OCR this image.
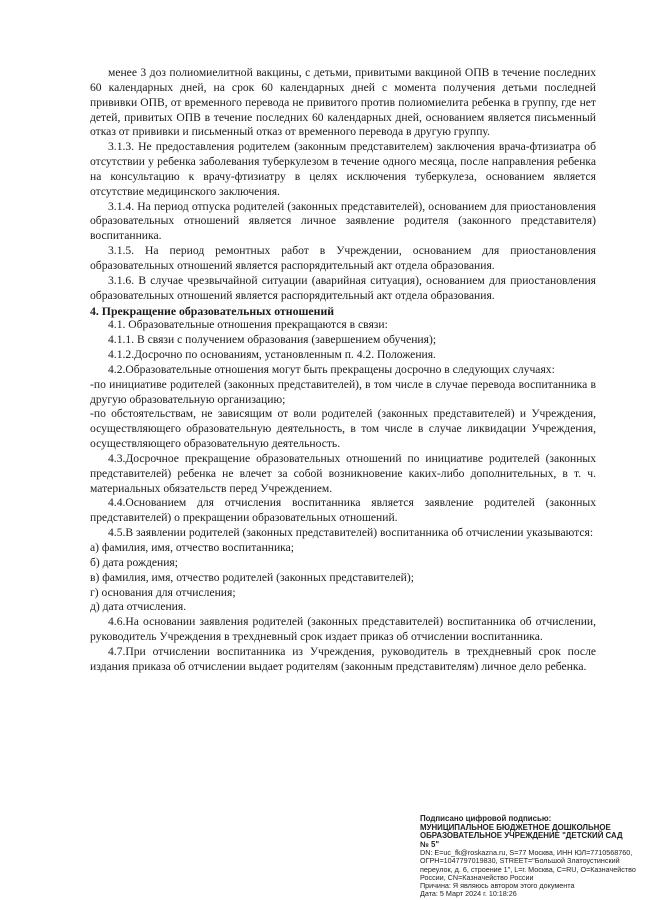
менее 3 доз полиомиелитной вакцины, с детьми, привитыми вакциной ОПВ в течение последних 60 календарных дней, на срок 60 календарных дней с момента получения детьми последней прививки ОПВ, от временного перевода не привитого против полиомиелита ребенка в группу, где нет детей, привитых ОПВ в течение последних 60 календарных дней, основанием является письменный отказ от прививки и письменный отказ от временного перевода в другую группу.

3.1.3. Не предоставления родителем (законным представителем) заключения врача-фтизиатра об отсутствии у ребенка заболевания туберкулезом в течение одного месяца, после направления ребенка на консультацию к врачу-фтизиатру в целях исключения туберкулеза, основанием является отсутствие медицинского заключения.

3.1.4. На период отпуска родителей (законных представителей), основанием для приостановления образовательных отношений является личное заявление родителя (законного представителя) воспитанника.

3.1.5. На период ремонтных работ в Учреждении, основанием для приостановления образовательных отношений является распорядительный акт отдела образования.

3.1.6. В случае чрезвычайной ситуации (аварийная ситуация), основанием для приостановления образовательных отношений является распорядительный акт отдела образования.

4. Прекращение образовательных отношений

4.1. Образовательные отношения прекращаются в связи:

4.1.1. В связи с получением образования (завершением обучения);

4.1.2.Досрочно по основаниям, установленным п. 4.2. Положения.

4.2.Образовательные отношения могут быть прекращены досрочно в следующих случаях:

-по инициативе родителей (законных представителей), в том числе в случае перевода воспитанника в другую образовательную организацию;

-по обстоятельствам, не зависящим от воли родителей (законных представителей) и Учреждения, осуществляющего образовательную деятельность, в том числе в случае ликвидации Учреждения, осуществляющего образовательную деятельность.

4.3.Досрочное прекращение образовательных отношений по инициативе родителей (законных представителей) ребенка не влечет за собой возникновение каких-либо дополнительных, в т. ч. материальных обязательств перед Учреждением.

4.4.Основанием для отчисления воспитанника является заявление родителей (законных представителей) о прекращении образовательных отношений.

4.5.В заявлении родителей (законных представителей) воспитанника об отчислении указываются:

а) фамилия, имя, отчество воспитанника;

б) дата рождения;

в) фамилия, имя, отчество родителей (законных представителей);

г) основания для отчисления;

д) дата отчисления.

4.6.На основании заявления родителей (законных представителей) воспитанника об отчислении, руководитель Учреждения в трехдневный срок издает приказ об отчислении воспитанника.

4.7.При отчислении воспитанника из Учреждения, руководитель в трехдневный срок после издания приказа об отчислении выдает родителям (законным представителям) личное дело ребенка.

Подписано цифровой подписью:
МУНИЦИПАЛЬНОЕ БЮДЖЕТНОЕ ДОШКОЛЬНОЕ
ОБРАЗОВАТЕЛЬНОЕ УЧРЕЖДЕНИЕ "ДЕТСКИЙ САД
№ 5"
DN: E=uc_fk@roskazna.ru, S=77 Москва, ИНН ЮЛ=7710568760,
ОГРН=1047797019830, STREET="Большой Златоустинский
переулок, д. 6, строение 1", L=г. Москва, C=RU, O=Казначейство
России, CN=Казначейство России
Причина: Я являюсь автором этого документа
Дата: 5 Март 2024 г. 10:18:26
